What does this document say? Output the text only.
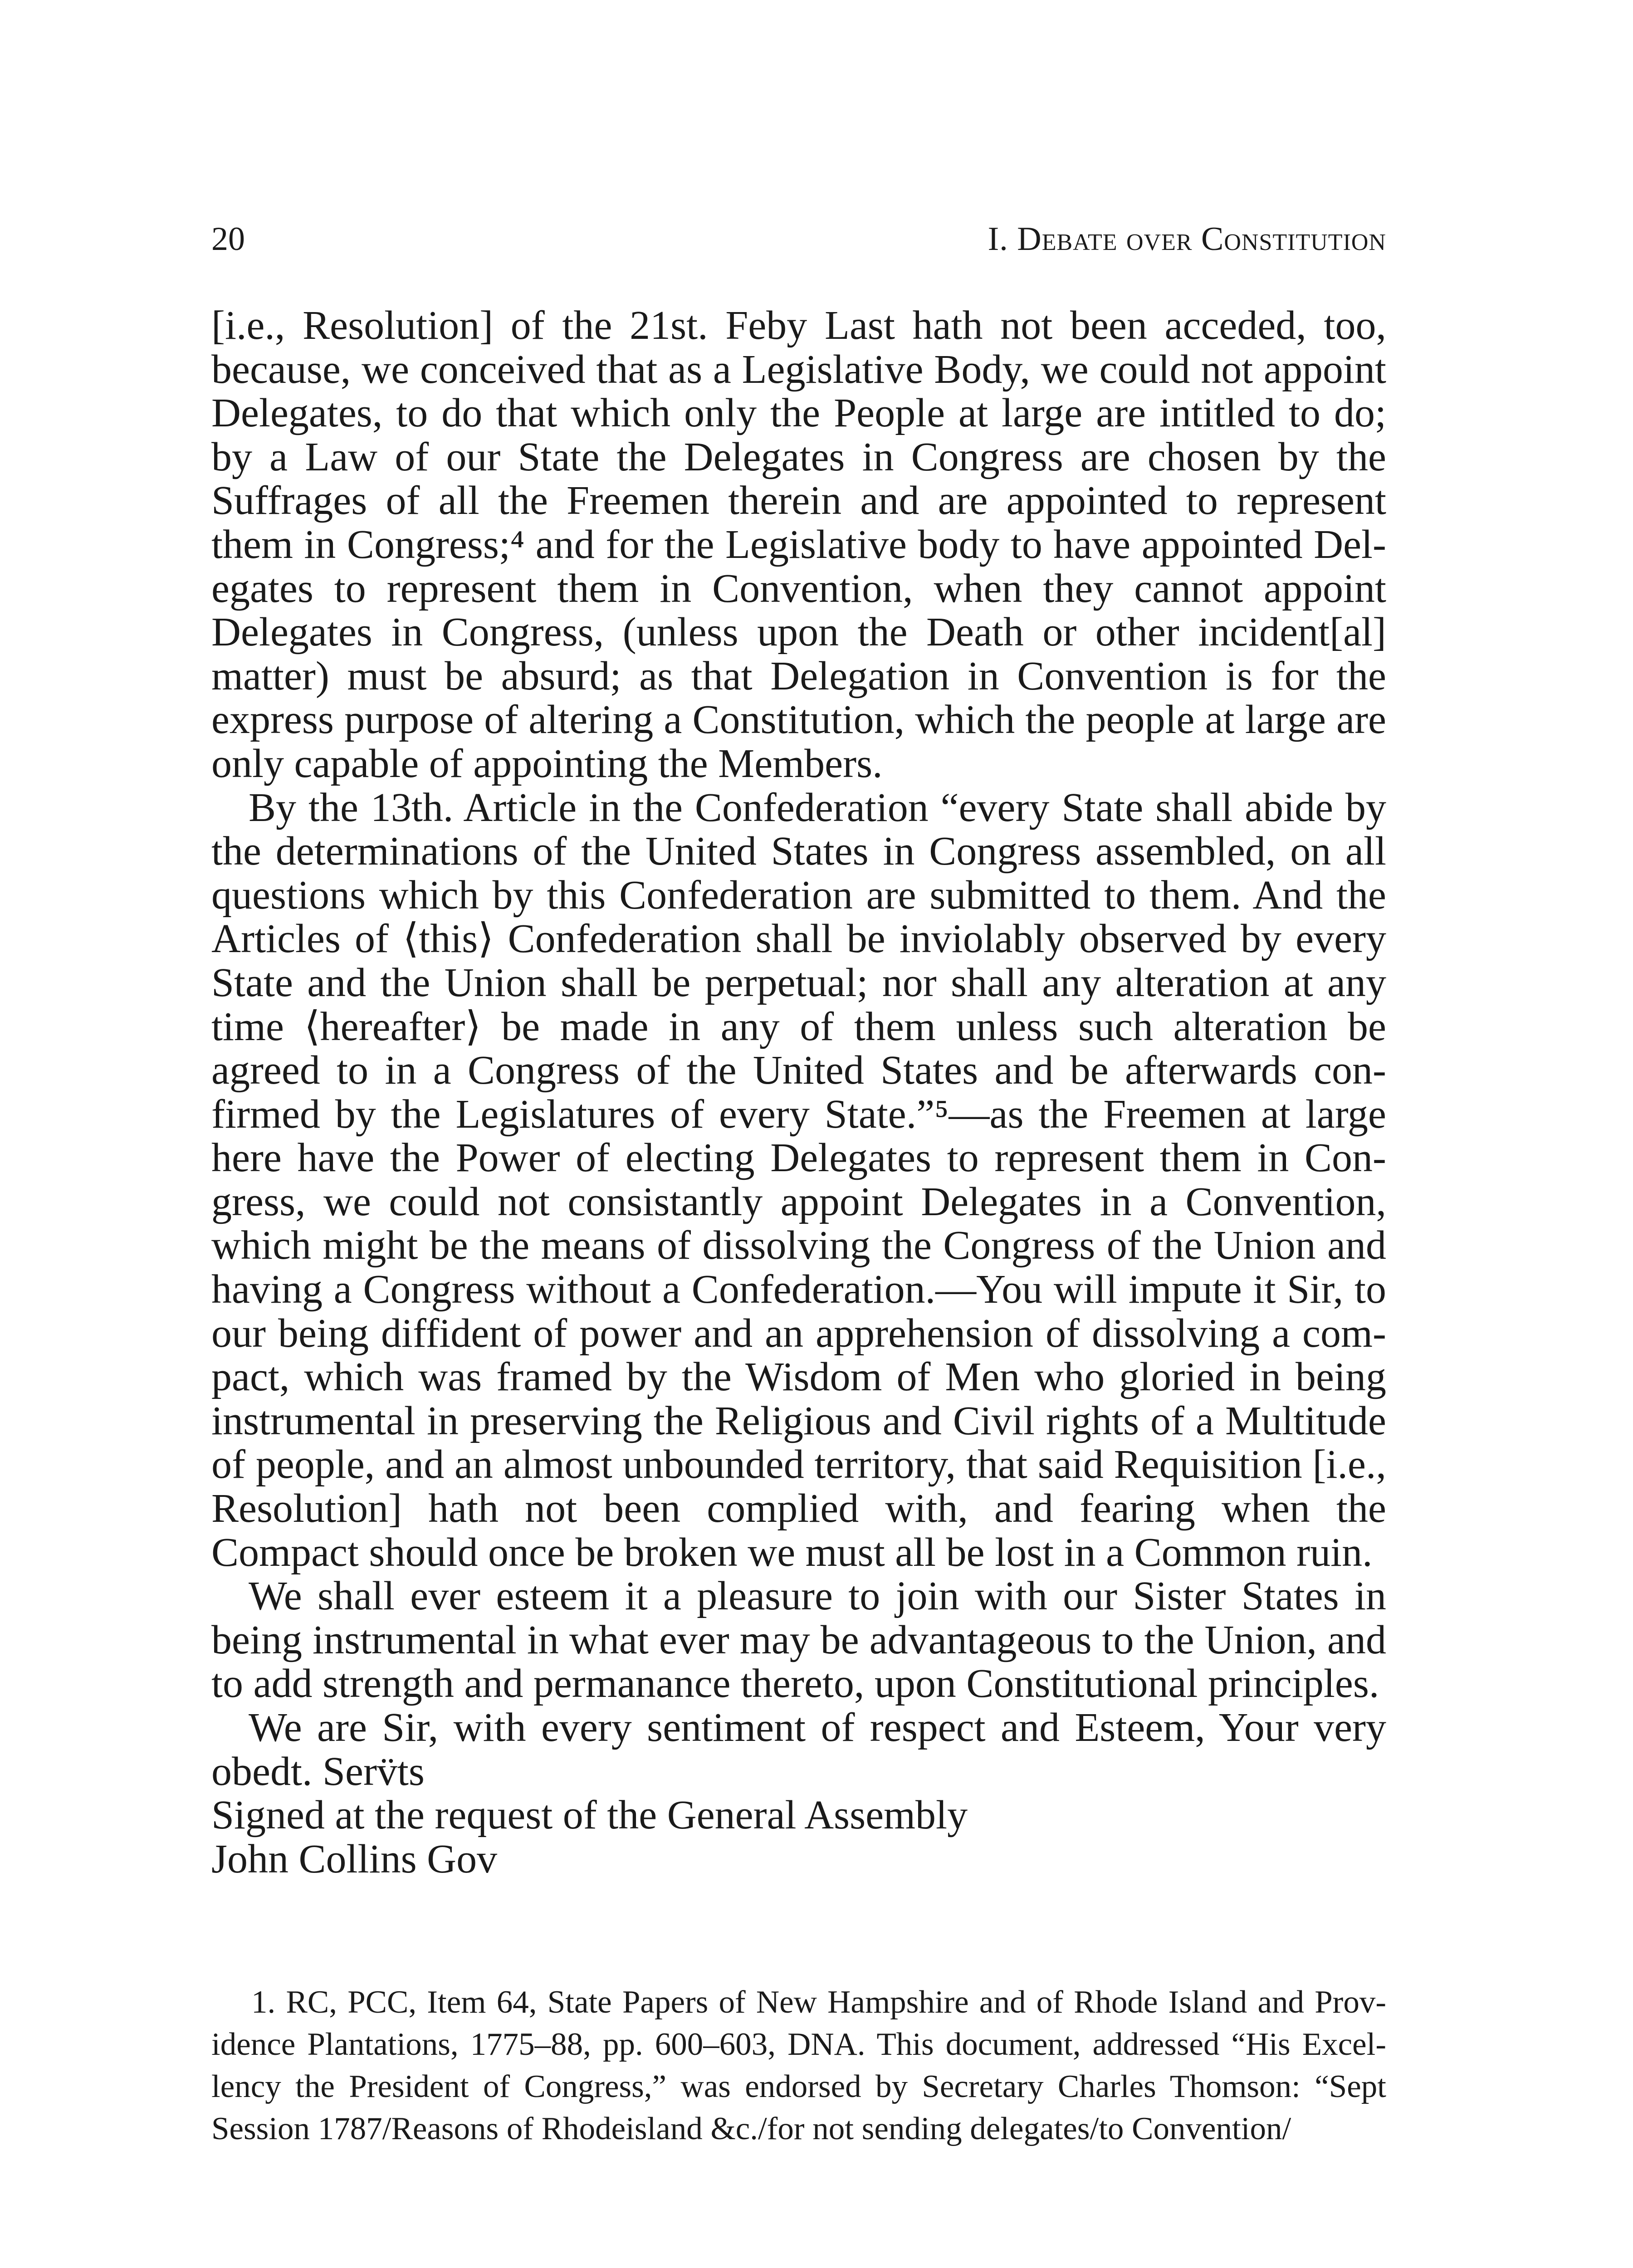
20	I. Debate over Constitution

[i.e., Resolution] of the 21st. Feby Last hath not been acceded, too, because, we conceived that as a Legislative Body, we could not appoint Delegates, to do that which only the People at large are intitled to do; by a Law of our State the Delegates in Congress are chosen by the Suffrages of all the Freemen therein and are appointed to represent them in Congress;⁴ and for the Legislative body to have appointed Delegates to represent them in Convention, when they cannot appoint Delegates in Congress, (unless upon the Death or other incident[al] matter) must be absurd; as that Delegation in Convention is for the express purpose of altering a Constitution, which the people at large are only capable of appointing the Members.

By the 13th. Article in the Confederation “every State shall abide by the determinations of the United States in Congress assembled, on all questions which by this Confederation are submitted to them. And the Articles of ⟨this⟩ Confederation shall be inviolably observed by every State and the Union shall be perpetual; nor shall any alteration at any time ⟨hereafter⟩ be made in any of them unless such alteration be agreed to in a Congress of the United States and be afterwards confirmed by the Legislatures of every State.”⁵—as the Freemen at large here have the Power of electing Delegates to represent them in Congress, we could not consistantly appoint Delegates in a Convention, which might be the means of dissolving the Congress of the Union and having a Congress without a Confederation.—You will impute it Sir, to our being diffident of power and an apprehension of dissolving a compact, which was framed by the Wisdom of Men who gloried in being instrumental in preserving the Religious and Civil rights of a Multitude of people, and an almost unbounded territory, that said Requisition [i.e., Resolution] hath not been complied with, and fearing when the Compact should once be broken we must all be lost in a Common ruin.

We shall ever esteem it a pleasure to join with our Sister States in being instrumental in what ever may be advantageous to the Union, and to add strength and permanance thereto, upon Constitutional principles.

We are Sir, with every sentiment of respect and Esteem, Your very obedt. Serv̈ts

Signed at the request of the General Assembly

John Collins Gov

1. RC, PCC, Item 64, State Papers of New Hampshire and of Rhode Island and Providence Plantations, 1775–88, pp. 600–603, DNA. This document, addressed “His Excellency the President of Congress,” was endorsed by Secretary Charles Thomson: “Sept Session 1787/Reasons of Rhodeisland &c./for not sending delegates/to Convention/
